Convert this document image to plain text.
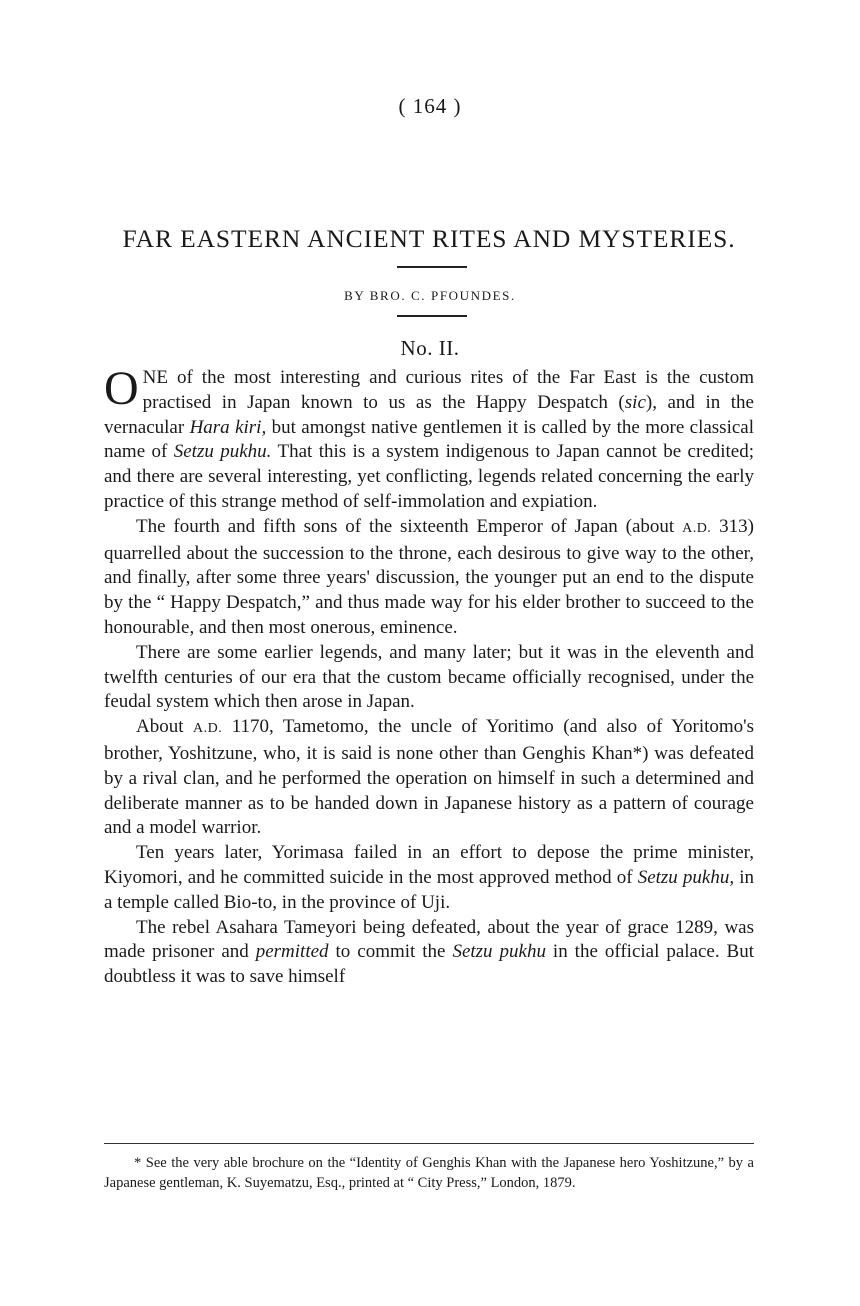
( 164 )
FAR EASTERN ANCIENT RITES AND MYSTERIES.
BY BRO. C. PFOUNDES.
No. II.

ONE of the most interesting and curious rites of the Far East is the custom practised in Japan known to us as the Happy Despatch (sic), and in the vernacular Hara kiri, but amongst native gentlemen it is called by the more classical name of Setzu pukhu. That this is a system indigenous to Japan cannot be credited; and there are several interesting, yet conflicting, legends related concerning the early practice of this strange method of self-immolation and expiation.

The fourth and fifth sons of the sixteenth Emperor of Japan (about A.D. 313) quarrelled about the succession to the throne, each desirous to give way to the other, and finally, after some three years' discussion, the younger put an end to the dispute by the “ Happy Despatch,” and thus made way for his elder brother to succeed to the honourable, and then most onerous, eminence.

There are some earlier legends, and many later; but it was in the eleventh and twelfth centuries of our era that the custom became officially recognised, under the feudal system which then arose in Japan.

About A.D. 1170, Tametomo, the uncle of Yoritimo (and also of Yoritomo's brother, Yoshitzune, who, it is said is none other than Genghis Khan*) was defeated by a rival clan, and he performed the operation on himself in such a determined and deliberate manner as to be handed down in Japanese history as a pattern of courage and a model warrior.

Ten years later, Yorimasa failed in an effort to depose the prime minister, Kiyomori, and he committed suicide in the most approved method of Setzu pukhu, in a temple called Bio-to, in the province of Uji.

The rebel Asahara Tameyori being defeated, about the year of grace 1289, was made prisoner and permitted to commit the Setzu pukhu in the official palace. But doubtless it was to save himself

* See the very able brochure on the “Identity of Genghis Khan with the Japanese hero Yoshitzune,” by a Japanese gentleman, K. Suyematzu, Esq., printed at “ City Press,” London, 1879.
